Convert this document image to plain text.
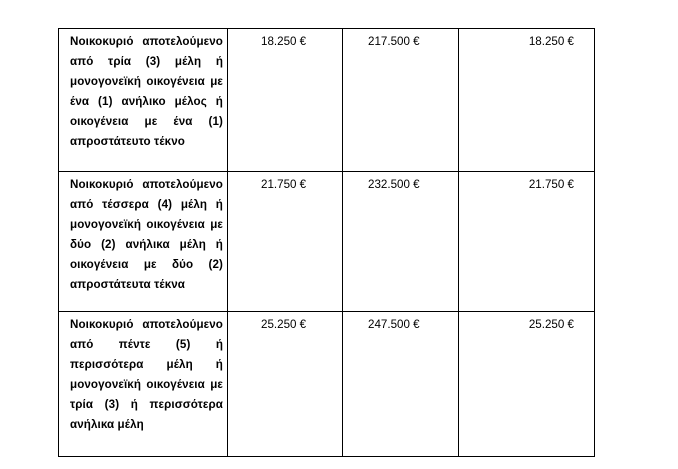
Νοικοκυριό αποτελούμενο από τρία (3) μέλη ή μονογονεϊκή οικογένεια με ένα (1) ανήλικο μέλος ή οικογένεια με ένα (1) απροστάτευτο τέκνο	18.250 €	217.500 €	18.250 €

Νοικοκυριό αποτελούμενο από τέσσερα (4) μέλη ή μονογονεϊκή οικογένεια με δύο (2) ανήλικα μέλη ή οικογένεια με δύο (2) απροστάτευτα τέκνα	21.750 €	232.500 €	21.750 €

Νοικοκυριό αποτελούμενο από πέντε (5) ή περισσότερα μέλη ή μονογονεϊκή οικογένεια με τρία (3) ή περισσότερα ανήλικα μέλη	25.250 €	247.500 €	25.250 €
